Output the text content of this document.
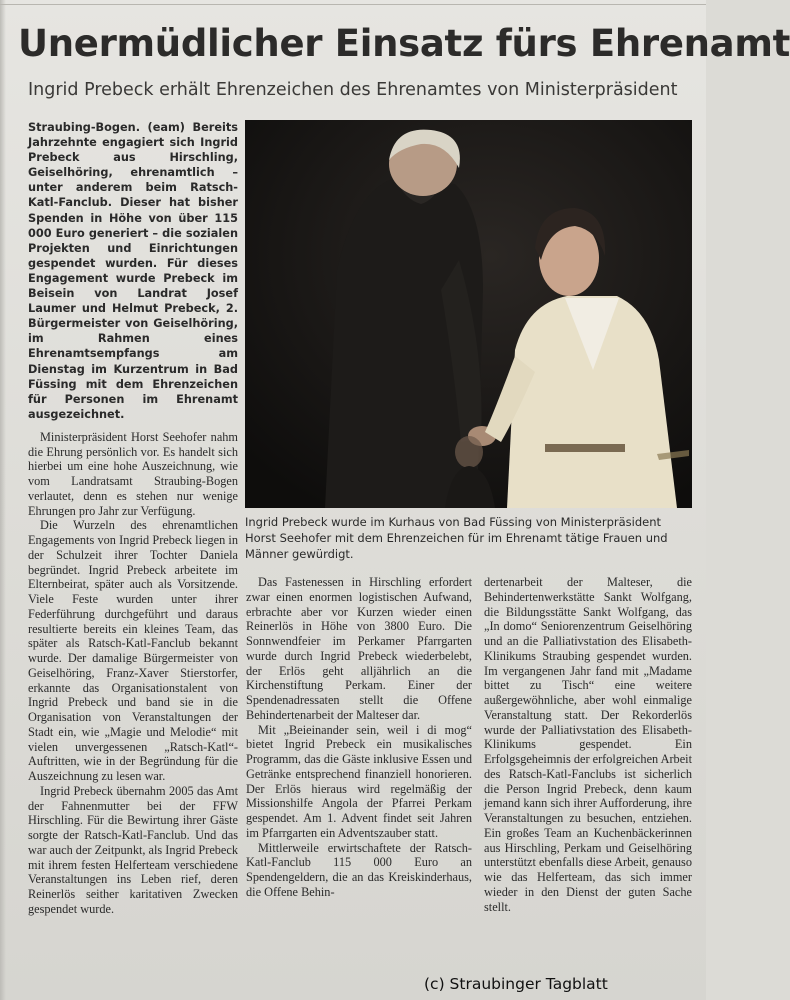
Unermüdlicher Einsatz fürs Ehrenamt
Ingrid Prebeck erhält Ehrenzeichen des Ehrenamtes von Ministerpräsident

Straubing-Bogen. (eam) Bereits Jahrzehnte engagiert sich Ingrid Prebeck aus Hirschling, Geiselhöring, ehrenamtlich – unter anderem beim Ratsch-Katl-Fanclub. Dieser hat bisher Spenden in Höhe von über 115 000 Euro generiert – die sozialen Projekten und Einrichtungen gespendet wurden. Für dieses Engagement wurde Prebeck im Beisein von Landrat Josef Laumer und Helmut Prebeck, 2. Bürgermeister von Geiselhöring, im Rahmen eines Ehrenamtsempfangs am Dienstag im Kurzentrum in Bad Füssing mit dem Ehrenzeichen für Personen im Ehrenamt ausgezeichnet.

Ministerpräsident Horst Seehofer nahm die Ehrung persönlich vor. Es handelt sich hierbei um eine hohe Auszeichnung, wie vom Landratsamt Straubing-Bogen verlautet, denn es stehen nur wenige Ehrungen pro Jahr zur Verfügung.

Die Wurzeln des ehrenamtlichen Engagements von Ingrid Prebeck liegen in der Schulzeit ihrer Tochter Daniela begründet. Ingrid Prebeck arbeitete im Elternbeirat, später auch als Vorsitzende. Viele Feste wurden unter ihrer Federführung durchgeführt und daraus resultierte bereits ein kleines Team, das später als Ratsch-Katl-Fanclub bekannt wurde. Der damalige Bürgermeister von Geiselhöring, Franz-Xaver Stierstorfer, erkannte das Organisationstalent von Ingrid Prebeck und band sie in die Organisation von Veranstaltungen der Stadt ein, wie „Magie und Melodie“ mit vielen unvergessenen „Ratsch-Katl“-Auftritten, wie in der Begründung für die Auszeichnung zu lesen war.

Ingrid Prebeck übernahm 2005 das Amt der Fahnenmutter bei der FFW Hirschling. Für die Bewirtung ihrer Gäste sorgte der Ratsch-Katl-Fanclub. Und das war auch der Zeitpunkt, als Ingrid Prebeck mit ihrem festen Helferteam verschiedene Veranstaltungen ins Leben rief, deren Reinerlös seither karitativen Zwecken gespendet wurde.

Ingrid Prebeck wurde im Kurhaus von Bad Füssing von Ministerpräsident Horst Seehofer mit dem Ehrenzeichen für im Ehrenamt tätige Frauen und Männer gewürdigt.

Das Fastenessen in Hirschling erfordert zwar einen enormen logistischen Aufwand, erbrachte aber vor Kurzen wieder einen Reinerlös in Höhe von 3800 Euro. Die Sonnwendfeier im Perkamer Pfarrgarten wurde durch Ingrid Prebeck wiederbelebt, der Erlös geht alljährlich an die Kirchenstiftung Perkam. Einer der Spendenadressaten stellt die Offene Behindertenarbeit der Malteser dar.

Mit „Beieinander sein, weil i di mog“ bietet Ingrid Prebeck ein musikalisches Programm, das die Gäste inklusive Essen und Getränke entsprechend finanziell honorieren. Der Erlös hieraus wird regelmäßig der Missionshilfe Angola der Pfarrei Perkam gespendet. Am 1. Advent findet seit Jahren im Pfarrgarten ein Adventszauber statt.

Mittlerweile erwirtschaftete der Ratsch-Katl-Fanclub 115 000 Euro an Spendengeldern, die an das Kreiskinderhaus, die Offene Behin-

dertenarbeit der Malteser, die Behindertenwerkstätte Sankt Wolfgang, die Bildungsstätte Sankt Wolfgang, das „In domo“ Seniorenzentrum Geiselhöring und an die Palliativstation des Elisabeth-Klinikums Straubing gespendet wurden. Im vergangenen Jahr fand mit „Madame bittet zu Tisch“ eine weitere außergewöhnliche, aber wohl einmalige Veranstaltung statt. Der Rekorderlös wurde der Palliativstation des Elisabeth-Klinikums gespendet. Ein Erfolgsgeheimnis der erfolgreichen Arbeit des Ratsch-Katl-Fanclubs ist sicherlich die Person Ingrid Prebeck, denn kaum jemand kann sich ihrer Aufforderung, ihre Veranstaltungen zu besuchen, entziehen. Ein großes Team an Kuchenbäckerinnen aus Hirschling, Perkam und Geiselhöring unterstützt ebenfalls diese Arbeit, genauso wie das Helferteam, das sich immer wieder in den Dienst der guten Sache stellt.

(c) Straubinger Tagblatt
